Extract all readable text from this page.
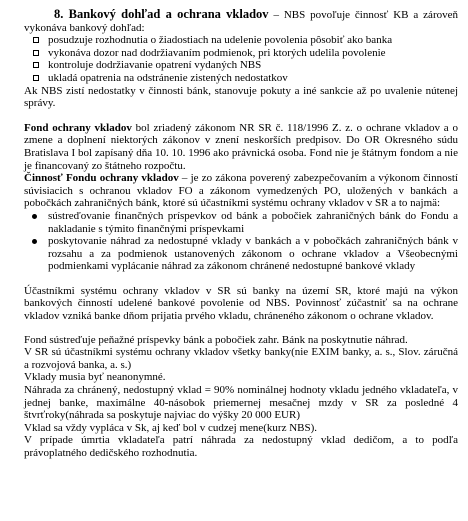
8. Bankový dohľad a ochrana vkladov – NBS povoľuje činnosť KB a zároveň vykonáva bankový dohľad:

posudzuje rozhodnutia o žiadostiach na udelenie povolenia pôsobiť ako banka
vykonáva dozor nad dodržiavaním podmienok, pri ktorých udelila povolenie
kontroluje dodržiavanie opatrení vydaných NBS
ukladá opatrenia na odstránenie zistených nedostatkov

Ak NBS zistí nedostatky v činnosti bánk, stanovuje pokuty a iné sankcie až po uvalenie nútenej správy.

Fond ochrany vkladov bol zriadený zákonom NR SR č. 118/1996 Z. z. o ochrane vkladov a o zmene a doplnení niektorých zákonov v znení neskorších predpisov. Do OR Okresného súdu Bratislava I bol zapísaný dňa 10. 10. 1996 ako právnická osoba. Fond nie je štátnym fondom a nie je financovaný zo štátneho rozpočtu.

Činnosť Fondu ochrany vkladov – je zo zákona poverený zabezpečovaním a výkonom činností súvisiacich s ochranou vkladov FO a zákonom vymedzených PO, uložených v bankách a pobočkách zahraničných bánk, ktoré sú účastníkmi systému ochrany vkladov v SR a to najmä:

sústreďovanie finančných príspevkov od bánk a pobočiek zahraničných bánk do Fondu a nakladanie s týmito finančnými príspevkami
poskytovanie náhrad za nedostupné vklady v bankách a v pobočkách zahraničných bánk v rozsahu a za podmienok ustanovených zákonom o ochrane vkladov a Všeobecnými podmienkami vyplácanie náhrad za zákonom chránené nedostupné bankové vklady

Účastníkmi systému ochrany vkladov v SR sú banky na území SR, ktoré majú na výkon bankových činností udelené bankové povolenie od NBS. Povinnosť zúčastniť sa na ochrane vkladov vzniká banke dňom prijatia prvého vkladu, chráneného zákonom o ochrane vkladov.

Fond sústreďuje peňažné príspevky bánk a pobočiek zahr. Bánk na poskytnutie náhrad.

V SR sú účastníkmi systému ochrany vkladov všetky banky(nie EXIM banky, a. s., Slov. záručná a rozvojová banka, a. s.)

Vklady musia byť neanonymné.

Náhrada za chránený, nedostupný vklad = 90% nominálnej hodnoty vkladu jedného vkladateľa, v jednej banke, maximálne 40-násobok priemernej mesačnej mzdy v SR za posledné 4 štvrťroky(náhrada sa poskytuje najviac do výšky 20 000 EUR)

Vklad sa vždy vypláca v Sk, aj keď bol v cudzej mene(kurz NBS).

V prípade úmrtia vkladateľa patrí náhrada za nedostupný vklad dedičom, a to podľa právoplatného dedičského rozhodnutia.
